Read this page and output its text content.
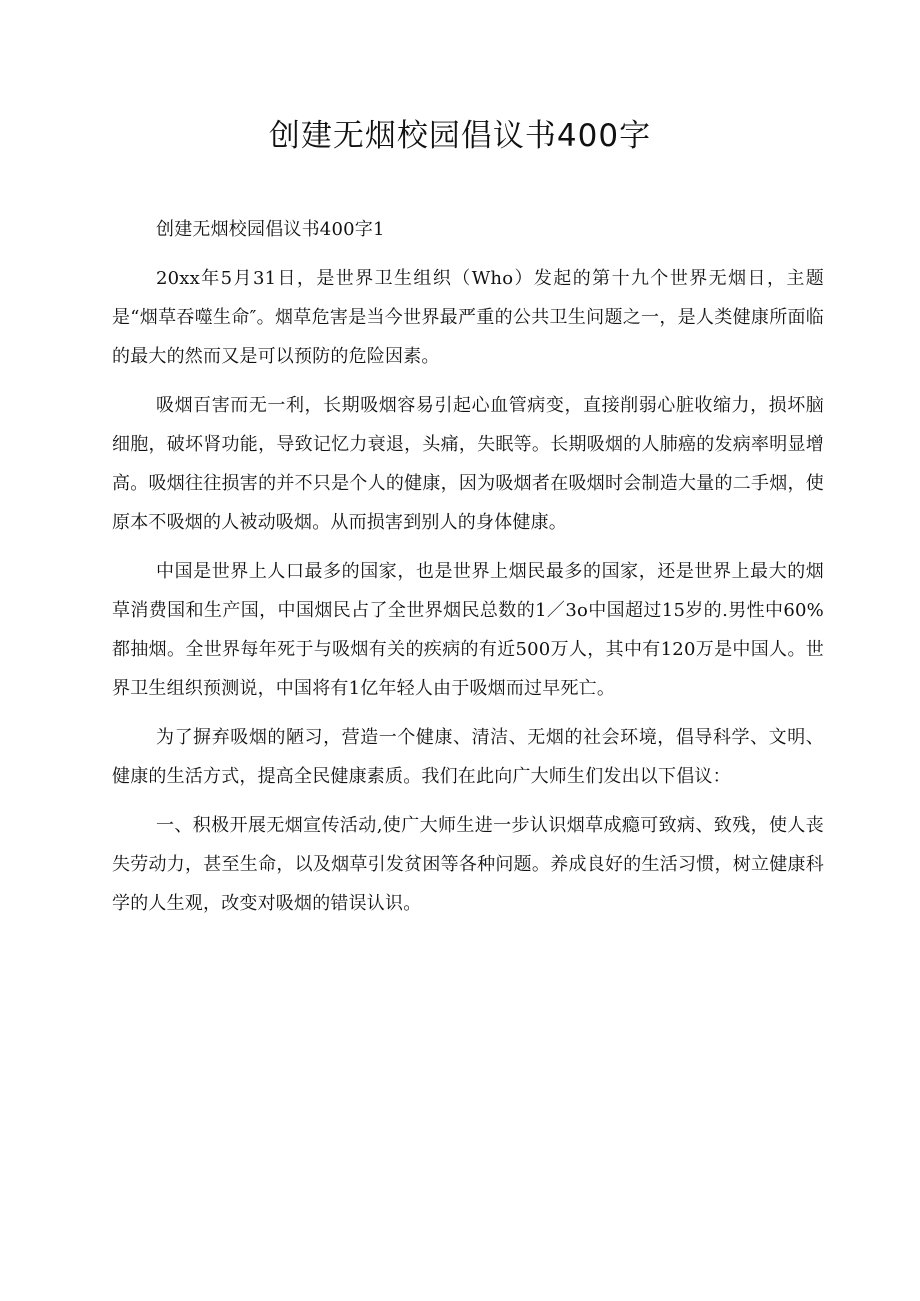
创建无烟校园倡议书400字

创建无烟校园倡议书400字1

20xx年5月31日，是世界卫生组织（Who）发起的第十九个世界无烟日，主题是“烟草吞噬生命″。烟草危害是当今世界最严重的公共卫生问题之一，是人类健康所面临的最大的然而又是可以预防的危险因素。

吸烟百害而无一利，长期吸烟容易引起心血管病变，直接削弱心脏收缩力，损坏脑细胞，破坏肾功能，导致记忆力衰退，头痛，失眠等。长期吸烟的人肺癌的发病率明显增高。吸烟往往损害的并不只是个人的健康，因为吸烟者在吸烟时会制造大量的二手烟，使原本不吸烟的人被动吸烟。从而损害到别人的身体健康。

中国是世界上人口最多的国家，也是世界上烟民最多的国家，还是世界上最大的烟草消费国和生产国，中国烟民占了全世界烟民总数的1／3o中国超过15岁的.男性中60%都抽烟。全世界每年死于与吸烟有关的疾病的有近500万人，其中有120万是中国人。世界卫生组织预测说，中国将有1亿年轻人由于吸烟而过早死亡。

为了摒弃吸烟的陋习，营造一个健康、清洁、无烟的社会环境，倡导科学、文明、健康的生活方式，提高全民健康素质。我们在此向广大师生们发出以下倡议：

一、积极开展无烟宣传活动,使广大师生进一步认识烟草成瘾可致病、致残，使人丧失劳动力，甚至生命，以及烟草引发贫困等各种问题。养成良好的生活习惯，树立健康科学的人生观，改变对吸烟的错误认识。
